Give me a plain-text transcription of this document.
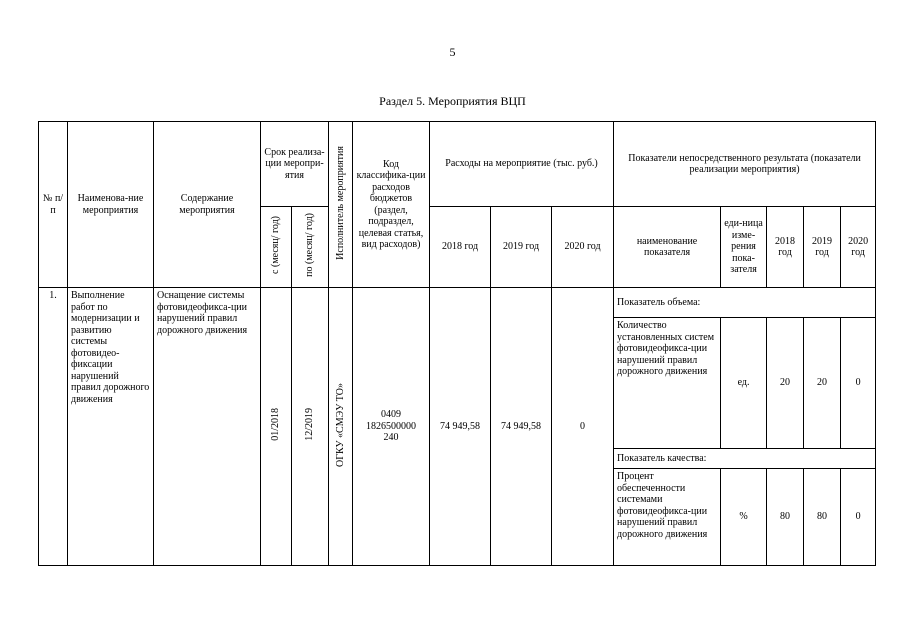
5
Раздел 5. Мероприятия ВЦП
№ п/п	Наименова-ние мероприятия	Содержание мероприятия	Срок реализа-ции меропри-ятия		Исполнитель мероприятия	Код классифика-ции расходов бюджетов (раздел, подраздел, целевая статья, вид расходов)	Расходы на мероприятие (тыс. руб.)			Показатели непосредственного результата (показатели реализации мероприятия)				
			с (месяц/ год)	по (месяц/ год)			2018 год	2019 год	2020 год	наименование показателя	еди-ница изме-рения пока-зателя	2018 год	2019 год	2020 год
1.	Выполнение работ по модернизации и развитию системы фотовидео-фиксации нарушений правил дорожного движения	Оснащение системы фотовидеофикса-ции нарушений правил дорожного движения	01/2018	12/2019	ОГКУ «СМЭУ ТО»	0409
1826500000
240	74 949,58	74 949,58	0	Показатель объема:				
										Количество установленных систем фотовидеофикса-ции нарушений правил дорожного движения	ед.	20	20	0
										Показатель качества:				
										Процент обеспеченности системами фотовидеофикса-ции нарушений правил дорожного движения	%	80	80	0
